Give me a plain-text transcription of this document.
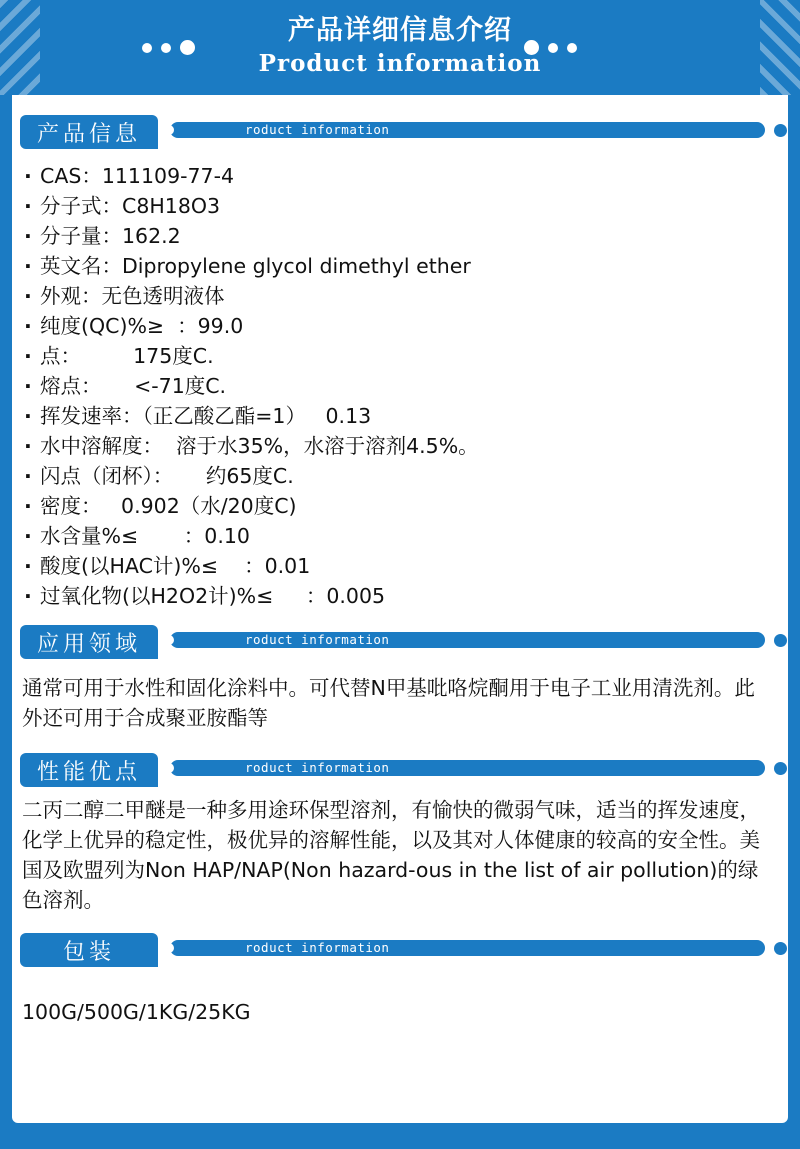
产品详细信息介绍
Product information
产品信息	roduct information
· CAS：111109-77-4
· 分子式：C8H18O3
· 分子量：162.2
· 英文名：Dipropylene glycol dimethyl ether
· 外观：无色透明液体
· 纯度(QC)%≥  ：99.0
· 点：        175度C.
· 熔点：     <-71度C.
· 挥发速率：（正乙酸乙酯=1）   0.13
· 水中溶解度：  溶于水35%，水溶于溶剂4.5%。
· 闪点（闭杯）：     约65度C.
· 密度：   0.902（水/20度C)
· 水含量%≤       ：0.10
· 酸度(以HAC计)%≤    ：0.01
· 过氧化物(以H2O2计)%≤     ：0.005
应用领域	roduct information
通常可用于水性和固化涂料中。可代替N甲基吡咯烷酮用于电子工业用清洗剂。此外还可用于合成聚亚胺酯等
性能优点	roduct information
二丙二醇二甲醚是一种多用途环保型溶剂，有愉快的微弱气味，适当的挥发速度，化学上优异的稳定性，极优异的溶解性能，以及其对人体健康的较高的安全性。美国及欧盟列为Non HAP/NAP(Non hazard-ous in the list of air pollution)的绿色溶剂。
包装	roduct information
100G/500G/1KG/25KG
